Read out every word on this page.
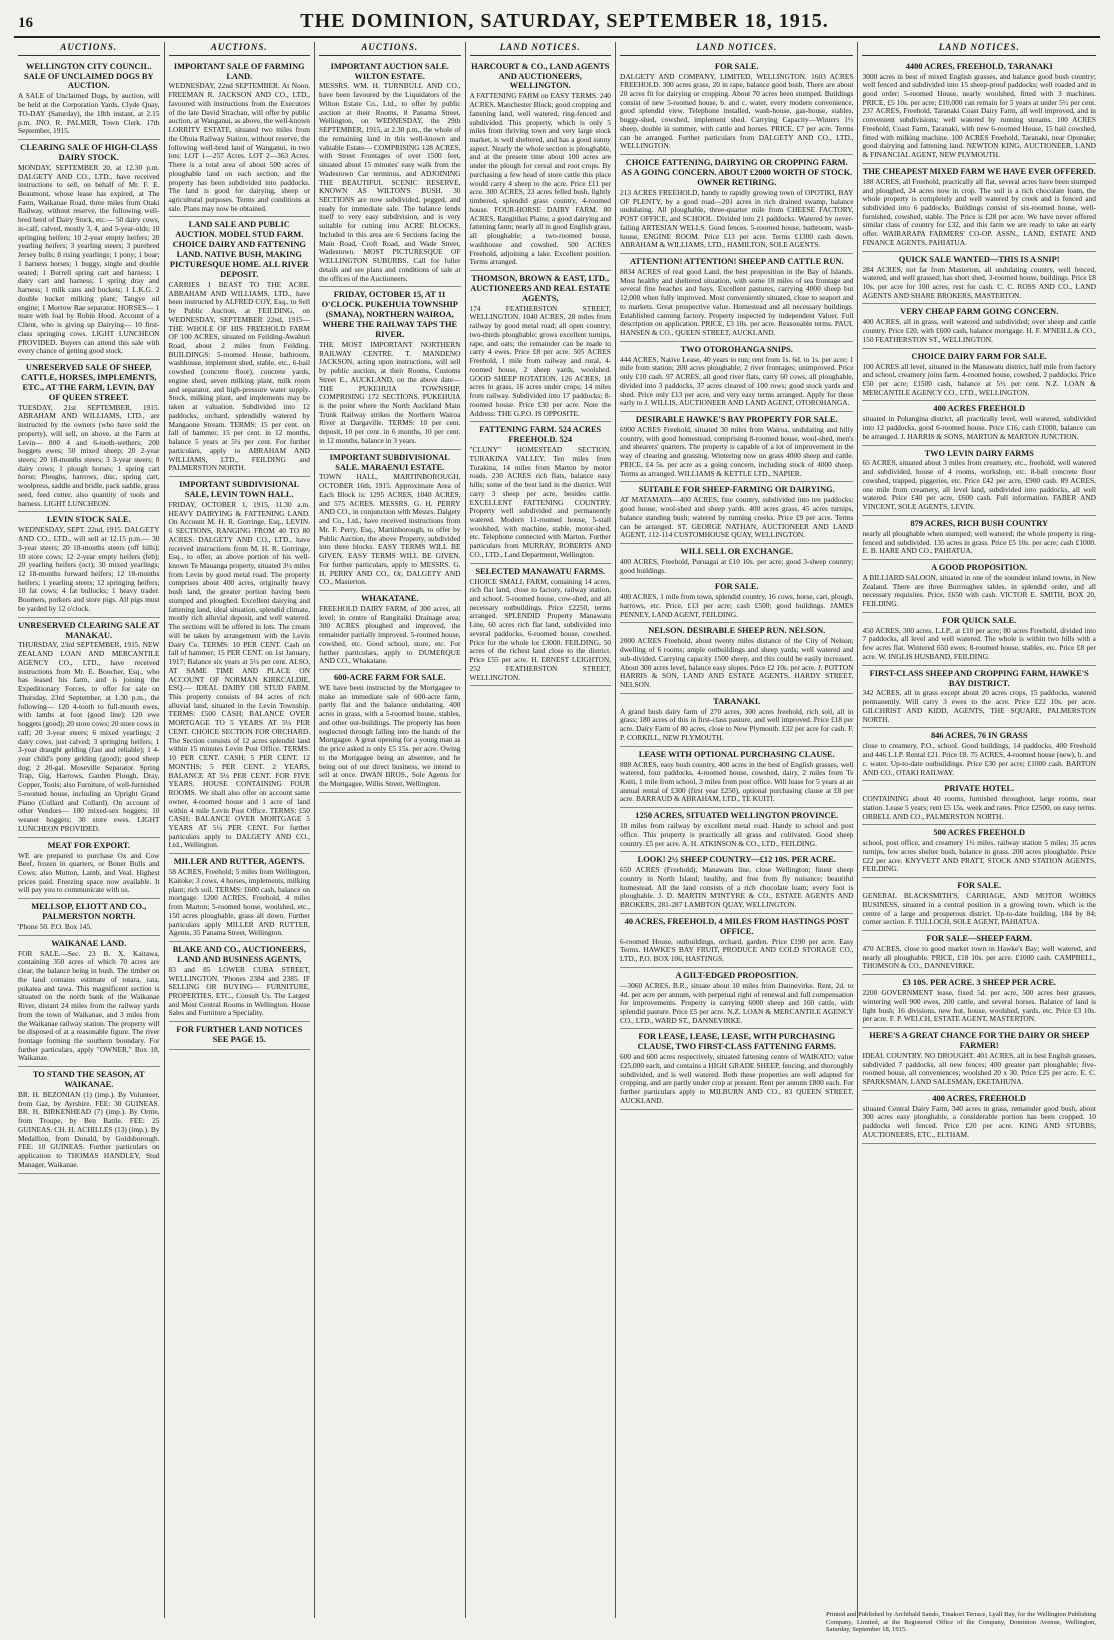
16	THE DOMINION, SATURDAY, SEPTEMBER 18, 1915.
AUCTIONS.
WELLINGTON CITY COUNCIL. SALE OF UNCLAIMED DOGS BY AUCTION.
A SALE of Unclaimed Dogs, by auction, will be held at the Corporation Yards, Clyde Quay, TO-DAY (Saturday), the 18th instant, at 2.15 p.m. JNO. R. PALMER, Town Clerk. 17th September, 1915.
CLEARING SALE OF HIGH-CLASS DAIRY STOCK.
MONDAY, SEPTEMBER 20, at 12.30 p.m. DALGETY AND CO., LTD., have received instructions to sell, on behalf of Mr. F. E. Beaumont, whose lease has expired, at The Farm, Waikanae Road, three miles from Otaki Railway, without reserve, the following well-bred herd of Dairy Stock, etc.— 50 dairy cows, in-calf, calved, mostly 3, 4, and 5-year-olds; 10 springing heifers; 10 2-year empty heifers; 20 yearling heifers; 3 yearling steers; 3 purebred Jersey bulls; 8 rising yearlings; 1 pony; 1 boar; 1 harness horses; 1 buggy, single and double seated; 1 Burrell spring cart and harness; 1 dairy cart and harness; 1 spring dray and harness; 1 milk cans and buckets; 1 L.K.G. 2 double bucket milking plant; Tangye oil engine; 1 Morrow Rae separator. HORSES— 1 mare with foal by Robin Hood. Account of a Client, who is giving up Dairying— 10 first-class springing cows. LIGHT LUNCHEON PROVIDED. Buyers can attend this sale with every chance of getting good stock.
UNRESERVED SALE OF SHEEP, CATTLE, HORSES, IMPLEMENTS, ETC., AT THE FARM, LEVIN, DAY OF QUEEN STREET.
TUESDAY, 21st SEPTEMBER, 1915. ABRAHAM AND WILLIAMS, LTD., are instructed by the owners (who have sold the property), will sell, on above, at the Farm at Levin— 800 4 and 6-tooth-wethers; 200 hoggets ewes; 50 mixed sheep; 20 2-year steers; 20 18-months steers; 3 3-year steers; 8 dairy cows; 1 plough horses; 1 spring cart horse; Ploughs, harrows, disc, spring cart, woolpress, saddle and bridle, pack saddle, grass seed, feed cutter, also quantity of tools and harness. LIGHT LUNCHEON.
LEVIN STOCK SALE.
WEDNESDAY, SEPT. 22nd, 1915. DALGETY AND CO., LTD., will sell at 12.15 p.m.— 30 3-year steers; 20 18-months steers (off hills); 10 store cows; 12 2-year empty heifers (feb); 20 yearling heifers (oct); 30 mixed yearlings; 12 18-months forward heifers; 12 18-months heifers; 1 yearling steers; 12 springing heifers; 10 fat cows; 4 fat bullocks; 1 heavy trader. Boomers, porkers and store pigs. All pigs must be yarded by 12 o'clock.
UNRESERVED CLEARING SALE AT MANAKAU.
THURSDAY, 23rd SEPTEMBER, 1915. NEW ZEALAND LOAN AND MERCANTILE AGENCY CO., LTD., have received instructions from Mr. E. Boocher, Esq., who has leased his farm, and is joining the Expeditionary Forces, to offer for sale on Thursday, 23rd September, at 1.30 p.m., the following— 120 4-tooth to full-mouth ewes, with lambs at foot (good line); 120 ewe hoggets (good); 20 store cows; 20 store cows in calf; 20 3-year steers; 6 mixed yearlings; 2 dairy cows, just calved; 3 springing heifers; 1 3-year draught gelding (fast and reliable); 1 4-year child's pony gelding (good); good sheep dog; 2 20-gal. Moseville Separator. Spring Trap, Gig, Harrows, Garden Plough, Dray, Copper, Tools; also Furniture, of well-furnished 5-roomed house, including an Upright Grand Piano (Collard and Collard). On account of other Vendors— 100 mixed-sex hoggets; 10 weaner hoggets; 30 store ewes. LIGHT LUNCHEON PROVIDED.
MEAT FOR EXPORT.
WE are prepared to purchase Ox and Cow Beef, frozen in quarters, or Boner Bulls and Cows; also Mutton, Lamb, and Veal. Highest prices paid. Freezing space now available. It will pay you to communicate with us.
MELLSOP, ELIOTT AND CO., PALMERSTON NORTH.
'Phone 50. P.O. Box 145.
WAIKANAE LAND.
FOR SALE.—Sec. 23 B. X. Kaitawa, containing 350 acres of which 70 acres are clear, the balance being in bush. The timber on the land contains estimate of totara, rata, pukatea and tawa. This magnificent section is situated on the north bank of the Waikanae River, distant 24 miles from the railway yards from the town of Waikanae, and 3 miles from the Waikanae railway station. The property will be disposed of at a reasonable figure. The river frontage forming the southern boundary. For further particulars, apply "OWNER," Box 18, Waikanae.
TO STAND THE SEASON, AT WAIKANAE.
BR. H. BEZONIAN (1) (imp.). By Volunteer, from Gaz, by Ayrshire. FEE: 30 GUINEAS. BR. H. BIRKENHEAD (7) (imp.). By Orme, from Troupe, by Ben Battle. FEE: 25 GUINEAS. CH. H. ACHILLES (13) (imp.). By Medallion, from Donald, by Goldsborough. FEE: 10 GUINEAS. Further particulars on application to THOMAS HANDLEY, Stud Manager, Waikanae.
AUCTIONS.
IMPORTANT SALE OF FARMING LAND.
WEDNESDAY, 22nd SEPTEMBER. At Noon. FREEMAN R. JACKSON AND CO., LTD., favoured with instructions from the Executors of the late David Strachan, will offer by public auction, at Wanganui, as above, the well-known LORRITY ESTATE, situated two miles from the Ohuia Railway Station, without reserve, the following well-bred land of Wanganui, in two lots: LOT 1—257 Acres. LOT 2—363 Acres. There is a total area of about 500 acres of ploughable land on each section, and the property has been subdivided into paddocks. The land is good for dairying, sheep or agricultural purposes. Terms and conditions at sale. Plans may now be obtained.
LAND SALE AND PUBLIC AUCTION. MODEL STUD FARM. CHOICE DAIRY AND FATTENING LAND. NATIVE BUSH, MAKING PICTURESQUE HOME. ALL RIVER DEPOSIT.
CARRIES 1 BEAST TO THE ACRE. ABRAHAM AND WILLIAMS, LTD., have been instructed by ALFRED COY, Esq., to Sell by Public Auction, at FEILDING, on WEDNESDAY, SEPTEMBER 22nd, 1915— THE WHOLE OF HIS FREEHOLD FARM OF 100 ACRES, situated on Feilding-Awahuri Road, about 2 miles from Feilding. BUILDINGS: 5-roomed House, bathroom, washhouse, implement shed, stable, etc., 6-bail cowshed (concrete floor), concrete yards, engine shed, seven milking plant, milk room and separator, and high-pressure water supply. Stock, milking plant, and implements may be taken at valuation. Subdivided into 12 paddocks, orchard, splendidly watered by Mangaone Stream. TERMS: 15 per cent. on fall of hammer, 15 per cent. in 12 months, balance 5 years at 5¼ per cent. For further particulars, apply to ABRAHAM AND WILLIAMS, LTD., FEILDING and PALMERSTON NORTH.
IMPORTANT SUBDIVISIONAL SALE, LEVIN TOWN HALL.
FRIDAY, OCTOBER 1, 1915, 11.30 a.m. HEAVY DAIRYING & FATTENING LAND. On Account M. H. R. Gorringe, Esq., LEVIN. 6 SECTIONS, RANGING FROM 40 TO 80 ACRES. DALGETY AND CO., LTD., have received instructions from M. H. R. Gorringe, Esq., to offer, as above portion of his well-known Te Mauanga property, situated 3½ miles from Levin by good metal road. The property comprises about 400 acres, originally heavy bush land, the greater portion having been stumped and ploughed. Excellent dairying and fattening land, ideal situation, splendid climate, mostly rich alluvial deposit, and well watered. The sections will be offered in lots. The cream will be taken by arrangement with the Levin Dairy Co. TERMS: 10 PER CENT. Cash on fall of hammer; 15 PER CENT. on 1st January, 1917; Balance six years at 5¼ per cent. ALSO, AT SAME TIME AND PLACE ON ACCOUNT OF NORMAN KIRKCALDIE, ESQ.— IDEAL DAIRY OR STUD FARM. This property consists of 84 acres of rich alluvial land, situated in the Levin Township. TERMS: £500 CASH; BALANCE OVER MORTGAGE TO 5 YEARS AT 5¼ PER CENT. CHOICE SECTION FOR ORCHARD. The Section consists of 12 acres splendid land within 15 minutes Levin Post Office. TERMS: 10 PER CENT. CASH; 5 PER CENT. 12 MONTHS; 5 PER CENT. 2 YEARS, BALANCE AT 5¼ PER CENT. FOR FIVE YEARS. HOUSE CONTAINING FOUR ROOMS. We shall also offer on account same owner, 4-roomed house and 1 acre of land within 4 mile Levin Post Office. TERMS: £50 CASH; BALANCE OVER MORTGAGE 5 YEARS AT 5¼ PER CENT. For further particulars apply to DALGETY AND CO., Ltd., Wellington.
MILLER AND RUTTER, AGENTS.
58 ACRES, Freehold; 5 miles from Wellington, Kaitoke; 3 cows, 4 horses, implements, milking plant; rich soil. TERMS: £600 cash, balance on mortgage. 1200 ACRES, Freehold, 4 miles from Marton; 5-roomed house, woolshed, etc., 150 acres ploughable, grass all down. Further particulars apply MILLER AND RUTTER, Agents, 35 Panama Street, Wellington.
BLAKE AND CO., AUCTIONEERS, LAND AND BUSINESS AGENTS,
83 and 85 LOWER CUBA STREET, WELLINGTON. 'Phones 2384 and 2385. IF SELLING OR BUYING— FURNITURE, PROPERTIES, ETC., Consult Us. The Largest and Most Central Rooms in Wellington. House Sales and Furniture a Speciality.
FOR FURTHER LAND NOTICES SEE PAGE 15.
AUCTIONS.
IMPORTANT AUCTION SALE. WILTON ESTATE.
MESSRS. WM. H. TURNBULL AND CO., have been favoured by the Liquidators of the Wilton Estate Co., Ltd., to offer by public auction at their Rooms, 8 Panama Street, Wellington, on WEDNESDAY, the 29th SEPTEMBER, 1915, at 2.30 p.m., the whole of the remaining land in this well-known and valuable Estate— COMPRISING 128 ACRES, with Street Frontages of over 1500 feet, situated about 15 minutes' easy walk from the Wadestown Car terminus, and ADJOINING THE BEAUTIFUL SCENIC RESERVE, KNOWN AS WILTON'S BUSH. 30 SECTIONS are now subdivided, pegged, and ready for immediate sale. The balance lends itself to very easy subdivision, and is very suitable for cutting into ACRE BLOCKS. Included in this area are 6 Sections facing the Main Road, Croft Road, and Wade Street, Wadestown. MOST PICTURESQUE OF WELLINGTON SUBURBS. Call for fuller details and see plans and conditions of sale at the offices of the Auctioneers.
FRIDAY, OCTOBER 15, AT 11 O'CLOCK. PUKEHUIA TOWNSHIP (SMANA), NORTHERN WAIROA, WHERE THE RAILWAY TAPS THE RIVER.
THE MOST IMPORTANT NORTHERN RAILWAY CENTRE. T. MANDENO JACKSON, acting upon instructions, will sell by public auction, at their Rooms, Customs Street E., AUCKLAND, on the above date— THE PUKEHUIA TOWNSHIP, COMPRISING 172 SECTIONS. PUKEHUIA is the point where the North Auckland Main Trunk Railway strikes the Northern Wairoa River at Dargaville. TERMS: 10 per cent. deposit, 10 per cent. in 6 months, 10 per cent. in 12 months, balance in 3 years.
IMPORTANT SUBDIVISIONAL SALE. MARAENUI ESTATE.
TOWN HALL, MARTINBOROUGH, OCTOBER 16th, 1915. Approximate Area of Each Block is: 1295 ACRES, 1040 ACRES, and 575 ACRES. MESSRS. G. H. PERRY AND CO., in conjunction with Messrs. Dalgety and Co., Ltd., have received instructions from Mr. F. Perry, Esq., Martinborough, to offer by Public Auction, the above Property, subdivided into three blocks. EASY TERMS WILL BE GIVEN. EASY TERMS WILL BE GIVEN. For further particulars, apply to MESSRS. G. H. PERRY AND CO., Or, DALGETY AND CO., Masterton.
WHAKATANE.
FREEHOLD DAIRY FARM, of 300 acres, all level; in centre of Rangitaiki Drainage area; 300 ACRES ploughed and improved, the remainder partially improved. 5-roomed house, cowshed, etc. Good school, store, etc. For further particulars, apply to DUMERQUE AND CO., Whakatane.
600-ACRE FARM FOR SALE.
WE have been instructed by the Mortgagee to make an immediate sale of 600-acre farm, partly flat and the balance undulating. 400 acres in grass, with a 5-roomed house, stables, and other out-buildings. The property has been neglected through falling into the hands of the Mortgagee. A great opening for a young man as the price asked is only £5 15s. per acre. Owing to the Mortgagee being an absentee, and he being out of our direct business, we intend to sell at once. DWAN BROS., Sole Agents for the Mortgagee, Willis Street, Wellington.
LAND NOTICES.
HARCOURT & CO., LAND AGENTS AND AUCTIONEERS, WELLINGTON.
A FATTENING FARM on EASY TERMS. 240 ACRES, Manchester Block; good cropping and fattening land, well watered, ring-fenced and subdivided. This property, which is only 5 miles from thriving town and very large stock market, is well sheltered, and has a good sunny aspect. Nearly the whole section is ploughable, and at the present time about 100 acres are under the plough for cereal and root crops. By purchasing a few head of store cattle this place would carry 4 sheep to the acre. Price £11 per acre. 300 ACRES, 23 acres felled bush, lightly timbered, splendid grass country, 4-roomed house. FOUR-HORSE DAIRY FARM. 80 ACRES, Rangitikei Plains; a good dairying and fattening farm; nearly all in good English grass, all ploughable; a two-roomed house, washhouse and cowshed. 500 ACRES Freehold, adjoining a lake. Excellent position. Terms arranged.
THOMSON, BROWN & EAST, LTD., AUCTIONEERS AND REAL ESTATE AGENTS,
174 FEATHERSTON STREET, WELLINGTON. 1040 ACRES, 28 miles from railway by good metal road; all open country; two-thirds ploughable; grows excellent turnips, rape, and oats; the remainder can be made to carry 4 ewes. Price £8 per acre. 505 ACRES Freehold, 1 mile from railway and rural, 4-roomed house, 2 sheep yards, woolshed. GOOD SHEEP ROTATION. 126 ACRES, 18 acres in grass, 16 acres under crops; 14 miles from railway. Subdivided into 17 paddocks; 8-roomed house. Price £30 per acre. Note the Address: THE G.P.O. IS OPPOSITE.
FATTENING FARM. 524 ACRES FREEHOLD. 524
"CLUNY" HOMESTEAD SECTION, TURAKINA VALLEY. Ten miles from Turakina, 14 miles from Marton by motor roads. 230 ACRES rich flats, balance easy hills; some of the best land in the district. Will carry 3 sheep per acre, besides cattle. EXCELLENT FATTENING COUNTRY. Property well subdivided and permanently watered. Modern 11-roomed house, 5-stall woolshed, with machine, stable, motor-shed, etc. Telephone connected with Marton. Further particulars from MURRAY, ROBERTS AND CO., LTD., Land Department, Wellington.
SELECTED MANAWATU FARMS.
CHOICE SMALL FARM, containing 14 acres, rich flat land, close to factory, railway station, and school. 5-roomed house, cow-shed, and all necessary outbuildings. Price £2250, terms arranged. SPLENDID Property Manawatu Line, 60 acres rich flat land, subdivided into several paddocks, 6-roomed house, cowshed. Price for the whole lot £3000. FEILDING, 50 acres of the richest land close to the district. Price £55 per acre. H. ERNEST LEIGHTON, 252 FEATHERSTON STREET, WELLINGTON.
LAND NOTICES.
FOR SALE.
DALGETY AND COMPANY, LIMITED, WELLINGTON. 1603 ACRES FREEHOLD. 300 acres grass, 20 in rape, balance good bush. There are about 20 acres fit for dairying or cropping. About 70 acres been stumped. Buildings consist of new 5-roomed house, b. and c. water, every modern convenience, good splendid view. Telephone installed, wash-house, gas-house, stables, buggy-shed, cowshed, implement shed. Carrying Capacity—Winters 1½ sheep, double in summer, with cattle and horses. PRICE, £7 per acre. Terms can be arranged. Further particulars from DALGETY AND CO., LTD., WELLINGTON.
CHOICE FATTENING, DAIRYING OR CROPPING FARM. AS A GOING CONCERN. ABOUT £2000 WORTH OF STOCK. OWNER RETIRING.
213 ACRES FREEHOLD, handy to rapidly growing town of OPOTIKI, BAY OF PLENTY, by a good road—201 acres in rich drained swamp, balance undulating. All ploughable, three-quarter mile from CHEESE FACTORY, POST OFFICE, and SCHOOL. Divided into 21 paddocks. Watered by never-failing ARTESIAN WELLS. Good fences. 5-roomed house, bathroom, wash-house, ENGINE ROOM. Price £13 per acre. Terms £1300 cash down. ABRAHAM & WILLIAMS, LTD., HAMILTON, SOLE AGENTS.
ATTENTION! ATTENTION! SHEEP AND CATTLE RUN.
8834 ACRES of real good Land, the best proposition in the Bay of Islands. Most healthy and sheltered situation, with some 18 miles of sea frontage and several fine beaches and bays. Excellent pastures, carrying 4000 sheep but 12,000 when fully improved. Most conveniently situated, close to seaport and to markets. Great prospective value. Homestead and all necessary buildings. Established canning factory. Property inspected by independent Valuer. Full description on application. PRICE, £3 10s. per acre. Reasonable terms. PAUL HANSEN & CO., QUEEN STREET, AUCKLAND.
TWO OTOROHANGA SNIPS.
444 ACRES, Native Lease, 40 years to run; rent from 1s. 6d. to 1s. per acre; 1 mile from station; 200 acres ploughable; 2 river frontages; unimproved. Price only £10 cash. 97 ACRES, all good river flats, carry 60 cows, all ploughable, divided into 3 paddocks, 37 acres cleared of 100 rows; good stock yards and shed. Price only £13 per acre, and very easy terms arranged. Apply for these early to J. WILLIS, AUCTIONEER AND LAND AGENT, OTOROHANGA.
DESIRABLE HAWKE'S BAY PROPERTY FOR SALE.
6900 ACRES Freehold, situated 30 miles from Wairoa, undulating and hilly country, with good homestead, comprising 8-roomed house, wool-shed, men's and shearers' quarters. The property is capable of a lot of improvement in the way of clearing and grassing. Wintering now on grass 4000 sheep and cattle. PRICE, £4 5s. per acre as a going concern, including stock of 4000 sheep. Terms as arranged. WILLIAMS & KETTLE LTD., NAPIER.
SUITABLE FOR SHEEP-FARMING OR DAIRYING.
AT MATAMATA—400 ACRES, fine country, subdivided into ten paddocks; good house, wool-shed and sheep yards. 400 acres grass, 45 acres turnips, balance standing bush; watered by running creeks. Price £9 per acre. Terms can be arranged. ST. GEORGE NATHAN, AUCTIONEER AND LAND AGENT, 112-114 CUSTOMHOUSE QUAY, WELLINGTON.
WILL SELL OR EXCHANGE.
400 ACRES, Freehold, Puruagai at £10 10s. per acre; good 3-sheep country; good buildings.
FOR SALE.
400 ACRES, 1 mile from town, splendid country, 16 cows, horse, cart, plough, harrows, etc. Price, £13 per acre; cash £500; good buildings. JAMES PENNEY, LAND AGENT, FEILDING.
NELSON. DESIRABLE SHEEP RUN. NELSON.
2000 ACRES Freehold, about twenty miles distance of the City of Nelson; dwelling of 6 rooms; ample outbuildings and sheep yards; well watered and sub-divided. Carrying capacity 1500 sheep, and this could be easily increased. About 300 acres level, balance easy slopes. Price £2 10s. per acre. J. POTTON HARRIS & SON, LAND AND ESTATE AGENTS, HARDY STREET, NELSON.
TARANAKI.
A grand bush dairy farm of 270 acres, 300 acres freehold, rich soil, all in grass; 180 acres of this in first-class pasture, and well improved. Price £18 per acre. Dairy Farm of 80 acres, close to New Plymouth. £32 per acre for cash. F. P. CORKILL, NEW PLYMOUTH.
LEASE WITH OPTIONAL PURCHASING CLAUSE.
888 ACRES, easy bush country, 400 acres in the best of English grasses, well watered, four paddocks, 4-roomed house, cowshed, dairy, 2 miles from Te Kuiti, 1 mile from school, 3 miles from post office. Will lease for 5 years at an annual rental of £300 (first year £250), optional purchasing clause at £8 per acre. BARRAUD & ABRAHAM, LTD., TE KUITI.
1250 ACRES, SITUATED WELLINGTON PROVINCE.
18 miles from railway by excellent metal road. Handy to school and post office. This property is practically all grass and cultivated. Good sheep country. £5 per acre. A. H. ATKINSON & CO., LTD., FEILDING.
LOOK! 2½ SHEEP COUNTRY—£12 10S. PER ACRE.
650 ACRES (Freehold), Manawatu line, close Wellington; finest sheep country in North Island; healthy, and free from fly nuisance; beautiful homestead. All the land consists of a rich chocolate loam; every foot is ploughable. J. D. MARTIN M'INTYRE & CO., ESTATE AGENTS AND BROKERS, 281-287 LAMBTON QUAY, WELLINGTON.
40 ACRES, FREEHOLD, 4 MILES FROM HASTINGS POST OFFICE.
6-roomed House, outbuildings, orchard, garden. Price £190 per acre. Easy Terms. HAWKE'S BAY FRUIT, PRODUCE AND COLD STORAGE CO., LTD., P.O. BOX 106, HASTINGS.
A GILT-EDGED PROPOSITION.
—3060 ACRES, B.R., situate about 10 miles from Dannevirke. Rent, 2d. to 4d. per acre per annum, with perpetual right of renewal and full compensation for improvements. Property is carrying 6000 sheep and 160 cattle, with splendid pasture. Price £5 per acre. N.Z. LOAN & MERCANTILE AGENCY CO., LTD., WARD ST., DANNEVIRKE.
FOR LEASE, LEASE, LEASE, WITH PURCHASING CLAUSE, TWO FIRST-CLASS FATTENING FARMS.
600 and 600 acres respectively, situated fattening centre of WAIKATO; value £25,000 each, and contains a HIGH GRADE SHEEP, fencing, and thoroughly subdivided, and is well watered. Both these properties are well adapted for cropping, and are partly under crop at present. Rent per annum £800 each. For further particulars apply to MILBURN AND CO., 83 QUEEN STREET, AUCKLAND.
LAND NOTICES.
4400 ACRES, FREEHOLD, TARANAKI
3000 acres in best of mixed English grasses, and balance good bush country; well fenced and subdivided into 15 sheep-proof paddocks; well roaded and in good order; 5-roomed House, nearly woolshed, fitted with 3 machines. PRICE, £5 10s. per acre; £10,000 can remain for 5 years at under 5½ per cent. 237 ACRES, Freehold, Taranaki Coast Dairy Farm, all well improved, and in convenient subdivisions; well watered by running streams. 100 ACRES Freehold, Coast Farm, Taranaki, with new 6-roomed House, 15 bail cowshed, fitted with milking machine. 100 ACRES Freehold, Taranaki, near Opunake; good dairying and fattening land. NEWTON KING, AUCTIONEER, LAND & FINANCIAL AGENT, NEW PLYMOUTH.
THE CHEAPEST MIXED FARM WE HAVE EVER OFFERED.
188 ACRES, all Freehold, practically all flat, several acres have been stumped and ploughed, 24 acres now in crop. The soil is a rich chocolate loam, the whole property is completely and well watered by creek and is fenced and subdivided into 6 paddocks. Buildings consist of six-roomed house, well-furnished, cowshed, stable. The Price is £28 per acre. We have never offered similar class of country for £32, and this farm we are ready to take an early offer. WAIRARAPA FARMERS' CO-OP. ASSN., LAND, ESTATE AND FINANCE AGENTS, PAHIATUA.
QUICK SALE WANTED—THIS IS A SNIP!
284 ACRES, not far from Masterton, all undulating country, well fenced, watered, and well grassed; has short shed, 3-roomed house, buildings. Price £8 10s. per acre for 100 acres, rest for cash. C. C. ROSS AND CO., LAND AGENTS AND SHARE BROKERS, MASTERTON.
VERY CHEAP FARM GOING CONCERN.
400 ACRES, all in grass, well watered and subdivided; over sheep and cattle country. Price £20, with £600 cash, balance mortgage. H. F. M'NEILL & CO., 150 FEATHERSTON ST., WELLINGTON.
CHOICE DAIRY FARM FOR SALE.
100 ACRES all level, situated in the Manawatu district, half mile from factory and school, creamery joins farm. 4-roomed house, cowshed, 2 paddocks. Price £50 per acre; £1500 cash, balance at 5½ per cent. N.Z. LOAN & MERCANTILE AGENCY CO., LTD., WELLINGTON.
400 ACRES FREEHOLD
situated in Pohangina district, all practically level, well watered, subdivided into 12 paddocks, good 6-roomed house. Price £16, cash £1000, balance can be arranged. J. HARRIS & SONS, MARTON & MARTON JUNCTION.
TWO LEVIN DAIRY FARMS
65 ACRES, situated about 3 miles from creamery, etc., freehold, well watered and subdivided, house of 4 rooms, workshop, etc. 8-ball concrete floor cowshed, trapped, piggeries, etc. Price £42 per acre, £900 cash. 89 ACRES, one mile from creamery, all level land, subdivided into paddocks, all well watered. Price £40 per acre, £600 cash. Full information. FABER AND VINCENT, SOLE AGENTS, LEVIN.
879 ACRES, RICH BUSH COUNTRY
nearly all ploughable when stumped; well watered; the whole property is ring-fenced and subdivided. 135 acres in grass. Price £5 10s. per acre; cash £1000. E. B. HARE AND CO., PAHIATUA.
A GOOD PROPOSITION.
A BILLIARD SALOON, situated in one of the soundest inland towns, in New Zealand. There are three Burroughes tables, in splendid order, and all necessary requisites. Price, £650 with cash. VICTOR E. SMITH, BOX 20, FEILDING.
FOR QUICK SALE.
450 ACRES, 300 acres, L.I.P., at £10 per acre; 80 acres Freehold, divided into 7 paddocks, all level and well watered. The whole is within two hills with a few acres flat. Wintered 650 ewes; 8-roomed house, stables, etc. Price £8 per acre. W. INGLIS HUSBAND, FEILDING.
FIRST-CLASS SHEEP AND CROPPING FARM, HAWKE'S BAY DISTRICT.
342 ACRES, all in grass except about 20 acres crops, 15 paddocks, watered permanently. Will carry 3 ewes to the acre. Price £22 10s. per acre. GILCHRIST AND KIDD, AGENTS, THE SQUARE, PALMERSTON NORTH.
846 ACRES, 76 IN GRASS
close to creamery, P.O., school. Good buildings, 14 paddocks, 400 Freehold and 446 L.I.P. Rental £21. Price £8. 75 ACRES, 4-roomed house (new), h. and c. water. Up-to-date outbuildings. Price £30 per acre; £1000 cash. BARTON AND CO., OTAKI RAILWAY.
PRIVATE HOTEL.
CONTAINING about 40 rooms, furnished throughout, large rooms, near station. Lease 5 years; rent £5 15s. week and rates. Price £2500, on easy terms. ORBELL AND CO., PALMERSTON NORTH.
500 ACRES FREEHOLD
school, post office, and creamery 1½ miles, railway station 5 miles; 35 acres turnips, few acres shelter bush, balance in grass. 200 acres ploughable. Price £22 per acre. KNYVETT AND PRATT, STOCK AND STATION AGENTS, FEILDING.
FOR SALE.
GENERAL BLACKSMITH'S, CARRIAGE, AND MOTOR WORKS BUSINESS, situated in a central position in a growing town, which is the centre of a large and prosperous district. Up-to-date building, 184 by 84; corner section. F. TULLOCH, SOLE AGENT, PAHIATUA.
FOR SALE—SHEEP FARM.
470 ACRES, close to good market town in Hawke's Bay; well watered, and nearly all ploughable. PRICE, £18 10s. per acre. £1000 cash. CAMPBELL, THOMSON & CO., DANNEVIRKE.
£3 10S. PER ACRE. 3 SHEEP PER ACRE.
2200 GOVERNMENT lease, fixed 5d. per acre, 500 acres best grasses, wintering well 900 ewes, 200 cattle, and several horses. Balance of land is light bush; 16 divisions, new hut, house, woolshed, yards, etc. Price £3 10s. per acre. F. P. WELCH, ESTATE AGENT, MASTERTON.
HERE'S A GREAT CHANCE FOR THE DAIRY OR SHEEP FARMER!
IDEAL COUNTRY. NO DROUGHT. 401 ACRES, all in best English grasses, subdivided 7 paddocks, all new fences; 400 greater part ploughable; five-roomed house, all conveniences; woolshed 20 x 30. Price £25 per acre. E. C. SPARKSMAN, LAND SALESMAN, EKETAHUNA.
400 ACRES, FREEHOLD
situated Central Dairy Farm, 340 acres in grass, remainder good bush, about 300 acres easy ploughable, a considerable portion has been cropped. 10 paddocks well fenced. Price £20 per acre. KING AND STUBBS, AUCTIONEERS, ETC., ELTHAM.
Printed and Published by Archibald Sando, Tinakori Terrace, Lyall Bay, for the Wellington Publishing Company, Limited, at the Registered Office of the Company, Dominion Avenue, Wellington, Saturday, September 18, 1915.
